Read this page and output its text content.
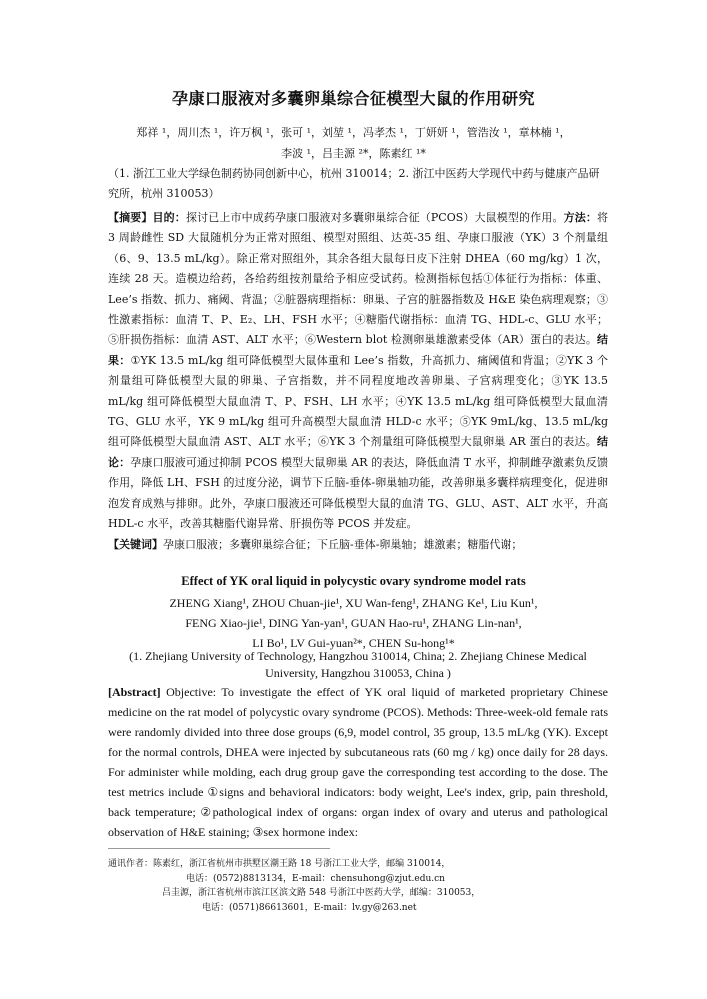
孕康口服液对多囊卵巢综合征模型大鼠的作用研究
郑祥 ¹，周川杰 ¹，许万枫 ¹，张可 ¹，刘堃 ¹，冯孝杰 ¹，丁妍妍 ¹，管浩汝 ¹，章林楠 ¹，
李波 ¹，吕圭源 ²*，陈素红 ¹*
（1. 浙江工业大学绿色制药协同创新中心，杭州 310014；2. 浙江中医药大学现代中药与健康产品研究所，杭州 310053）

【摘要】目的：探讨已上市中成药孕康口服液对多囊卵巢综合征（PCOS）大鼠模型的作用。方法：将 3 周龄雌性 SD 大鼠随机分为正常对照组、模型对照组、达英-35 组、孕康口服液（YK）3 个剂量组（6、9、13.5 mL/kg）。除正常对照组外，其余各组大鼠每日皮下注射 DHEA（60 mg/kg）1 次，连续 28 天。造模边给药，各给药组按剂量给予相应受试药。检测指标包括①体征行为指标：体重、Lee’s 指数、抓力、痛阈、背温；②脏器病理指标：卵巢、子宫的脏器指数及 H&E 染色病理观察；③性激素指标：血清 T、P、E₂、LH、FSH 水平；④糖脂代谢指标：血清 TG、HDL-c、GLU 水平；⑤肝损伤指标：血清 AST、ALT 水平；⑥Western blot 检测卵巢雄激素受体（AR）蛋白的表达。结果：①YK 13.5 mL/kg 组可降低模型大鼠体重和 Lee’s 指数，升高抓力、痛阈值和背温；②YK 3 个剂量组可降低模型大鼠的卵巢、子宫指数，并不同程度地改善卵巢、子宫病理变化；③YK 13.5 mL/kg 组可降低模型大鼠血清 T、P、FSH、LH 水平；④YK 13.5 mL/kg 组可降低模型大鼠血清 TG、GLU 水平，YK 9 mL/kg 组可升高模型大鼠血清 HLD-c 水平；⑤YK 9mL/kg、13.5 mL/kg 组可降低模型大鼠血清 AST、ALT 水平；⑥YK 3 个剂量组可降低模型大鼠卵巢 AR 蛋白的表达。结论：孕康口服液可通过抑制 PCOS 模型大鼠卵巢 AR 的表达，降低血清 T 水平，抑制雌孕激素负反馈作用，降低 LH、FSH 的过度分泌，调节下丘脑-垂体-卵巢轴功能，改善卵巢多囊样病理变化，促进卵泡发育成熟与排卵。此外，孕康口服液还可降低模型大鼠的血清 TG、GLU、AST、ALT 水平，升高 HDL-c 水平，改善其糖脂代谢异常、肝损伤等 PCOS 并发症。

【关键词】孕康口服液；多囊卵巢综合征；下丘脑-垂体-卵巢轴；雄激素；糖脂代谢；

Effect of YK oral liquid in polycystic ovary syndrome model rats
ZHENG Xiang¹, ZHOU Chuan-jie¹, XU Wan-feng¹, ZHANG Ke¹, Liu Kun¹,
FENG Xiao-jie¹, DING Yan-yan¹, GUAN Hao-ru¹, ZHANG Lin-nan¹,
LI Bo¹, LV Gui-yuan²*, CHEN Su-hong¹*
(1. Zhejiang University of Technology, Hangzhou 310014, China; 2. Zhejiang Chinese Medical University, Hangzhou 310053, China )
[Abstract] Objective: To investigate the effect of YK oral liquid of marketed proprietary Chinese medicine on the rat model of polycystic ovary syndrome (PCOS). Methods: Three-week-old female rats were randomly divided into three dose groups (6,9, model control, 35 group, 13.5 mL/kg (YK). Except for the normal controls, DHEA were injected by subcutaneous rats (60 mg / kg) once daily for 28 days. For administer while molding, each drug group gave the corresponding test according to the dose. The test metrics include ①signs and behavioral indicators: body weight, Lee's index, grip, pain threshold, back temperature; ②pathological index of organs: organ index of ovary and uterus and pathological observation of H&E staining; ③sex hormone index:
通讯作者：陈素红，浙江省杭州市拱墅区潮王路 18 号浙江工业大学，邮编 310014，
电话：(0572)8813134，E-mail：chensuhong@zjut.edu.cn
吕圭源，浙江省杭州市滨江区滨文路 548 号浙江中医药大学，邮编：310053，
电话：(0571)86613601，E-mail：lv.gy@263.net
